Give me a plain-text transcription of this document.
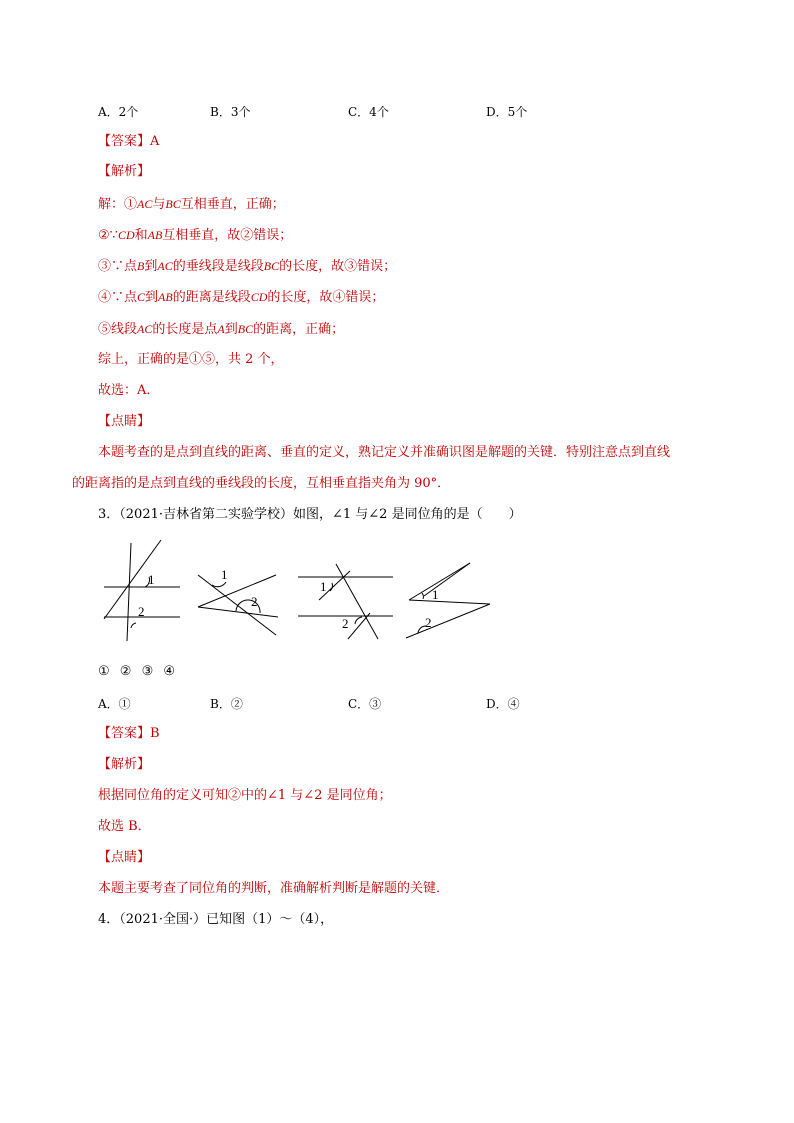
A．2个	B．3个	C．4个	D．5个
【答案】A
【解析】
解：①AC与BC互相垂直，正确；
②∵CD和AB互相垂直，故②错误；
③∵点B到AC的垂线段是线段BC的长度，故③错误；
④∵点C到AB的距离是线段CD的长度，故④错误；
⑤线段AC的长度是点A到BC的距离，正确；
综上，正确的是①⑤，共 2 个，
故选：A．
【点睛】
本题考查的是点到直线的距离、垂直的定义，熟记定义并准确识图是解题的关键．特别注意点到直线
的距离指的是点到直线的垂线段的长度，互相垂直指夹角为 90°．
3．（2021·吉林省第二实验学校）如图，∠1 与∠2 是同位角的是（　　）
1
2
1
2
1
2
1
2
① ② ③ ④
A．①	B．②	C．③	D．④
【答案】B
【解析】
根据同位角的定义可知②中的∠1 与∠2 是同位角；
故选 B．
【点睛】
本题主要考查了同位角的判断，准确解析判断是解题的关键．
4．（2021·全国·）已知图（1）～（4），
